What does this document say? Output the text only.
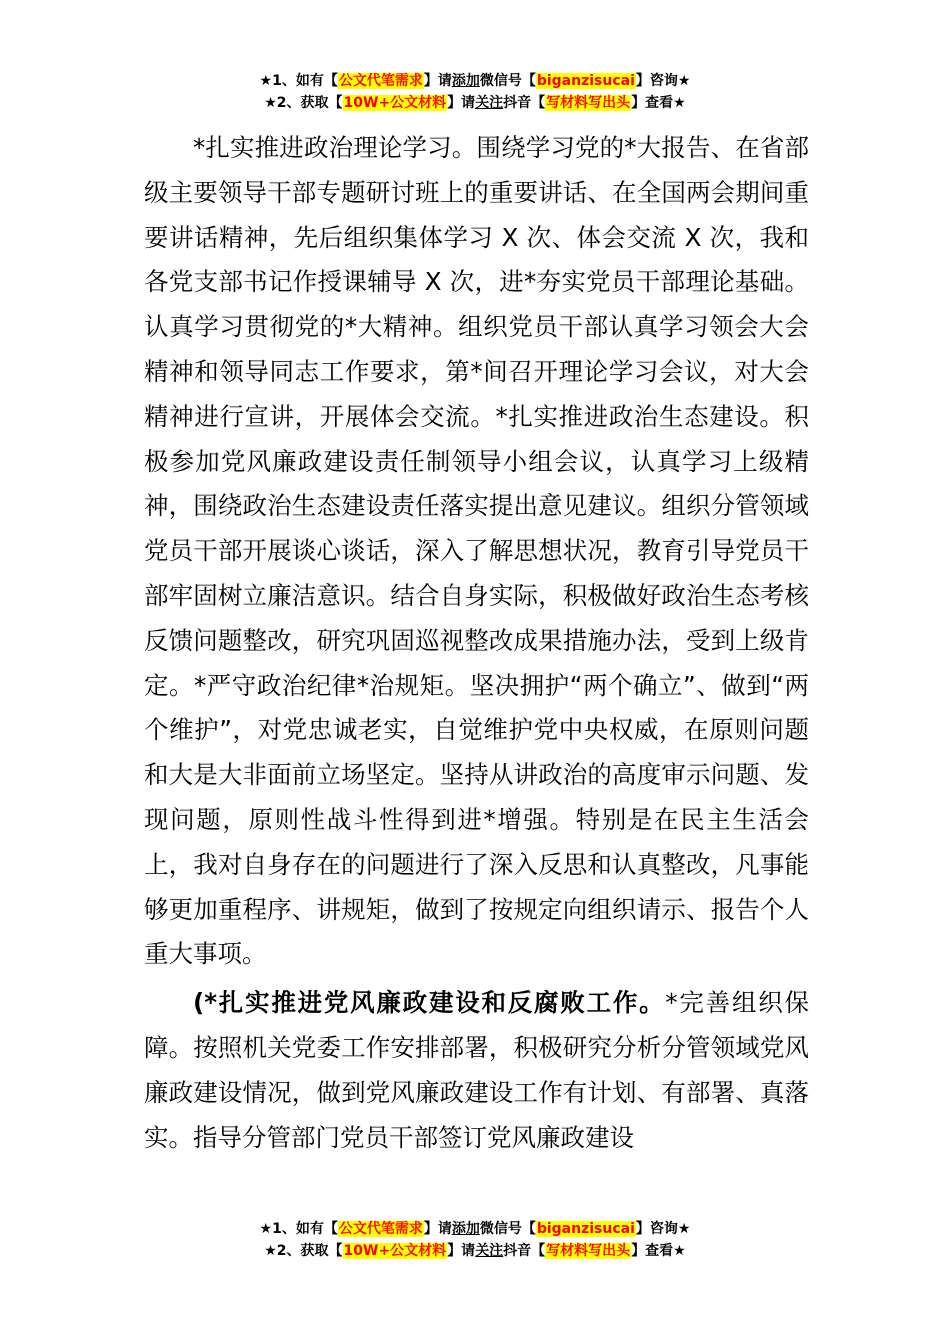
★1、如有【公文代笔需求】请添加微信号【biganzisucai】咨询★
★2、获取【10W+公文材料】请关注抖音【写材料写出头】查看★

*扎实推进政治理论学习。围绕学习党的*大报告、在省部级主要领导干部专题研讨班上的重要讲话、在全国两会期间重要讲话精神，先后组织集体学习 X 次、体会交流 X 次，我和各党支部书记作授课辅导 X 次，进*夯实党员干部理论基础。认真学习贯彻党的*大精神。组织党员干部认真学习领会大会精神和领导同志工作要求，第*间召开理论学习会议，对大会精神进行宣讲，开展体会交流。*扎实推进政治生态建设。积极参加党风廉政建设责任制领导小组会议，认真学习上级精神，围绕政治生态建设责任落实提出意见建议。组织分管领域党员干部开展谈心谈话，深入了解思想状况，教育引导党员干部牢固树立廉洁意识。结合自身实际，积极做好政治生态考核反馈问题整改，研究巩固巡视整改成果措施办法，受到上级肯定。*严守政治纪律*治规矩。坚决拥护“两个确立”、做到“两个维护”，对党忠诚老实，自觉维护党中央权威，在原则问题和大是大非面前立场坚定。坚持从讲政治的高度审示问题、发现问题，原则性战斗性得到进*增强。特别是在民主生活会上，我对自身存在的问题进行了深入反思和认真整改，凡事能够更加重程序、讲规矩，做到了按规定向组织请示、报告个人重大事项。

(*扎实推进党风廉政建设和反腐败工作。*完善组织保障。按照机关党委工作安排部署，积极研究分析分管领域党风廉政建设情况，做到党风廉政建设工作有计划、有部署、真落实。指导分管部门党员干部签订党风廉政建设

★1、如有【公文代笔需求】请添加微信号【biganzisucai】咨询★
★2、获取【10W+公文材料】请关注抖音【写材料写出头】查看★
